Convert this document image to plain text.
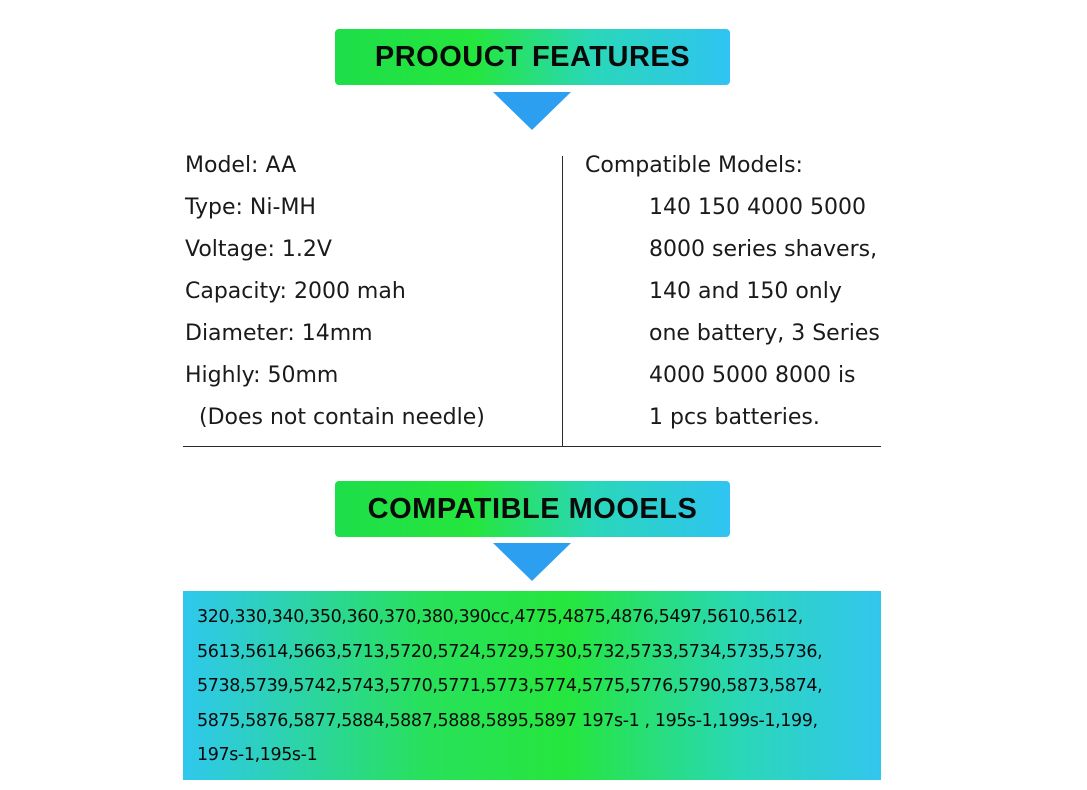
PROOUCT FEATURES
Model: AA
Type: Ni-MH
Voltage: 1.2V
Capacity: 2000 mah
Diameter: 14mm
Highly: 50mm
(Does not contain needle)
Compatible Models:
140 150 4000 5000
8000 series shavers,
140 and 150 only
one battery, 3 Series
4000 5000 8000 is
1 pcs batteries.
COMPATIBLE MOOELS
320,330,340,350,360,370,380,390cc,4775,4875,4876,5497,5610,5612,
5613,5614,5663,5713,5720,5724,5729,5730,5732,5733,5734,5735,5736,
5738,5739,5742,5743,5770,5771,5773,5774,5775,5776,5790,5873,5874,
5875,5876,5877,5884,5887,5888,5895,5897 197s-1 , 195s-1,199s-1,199,
197s-1,195s-1
